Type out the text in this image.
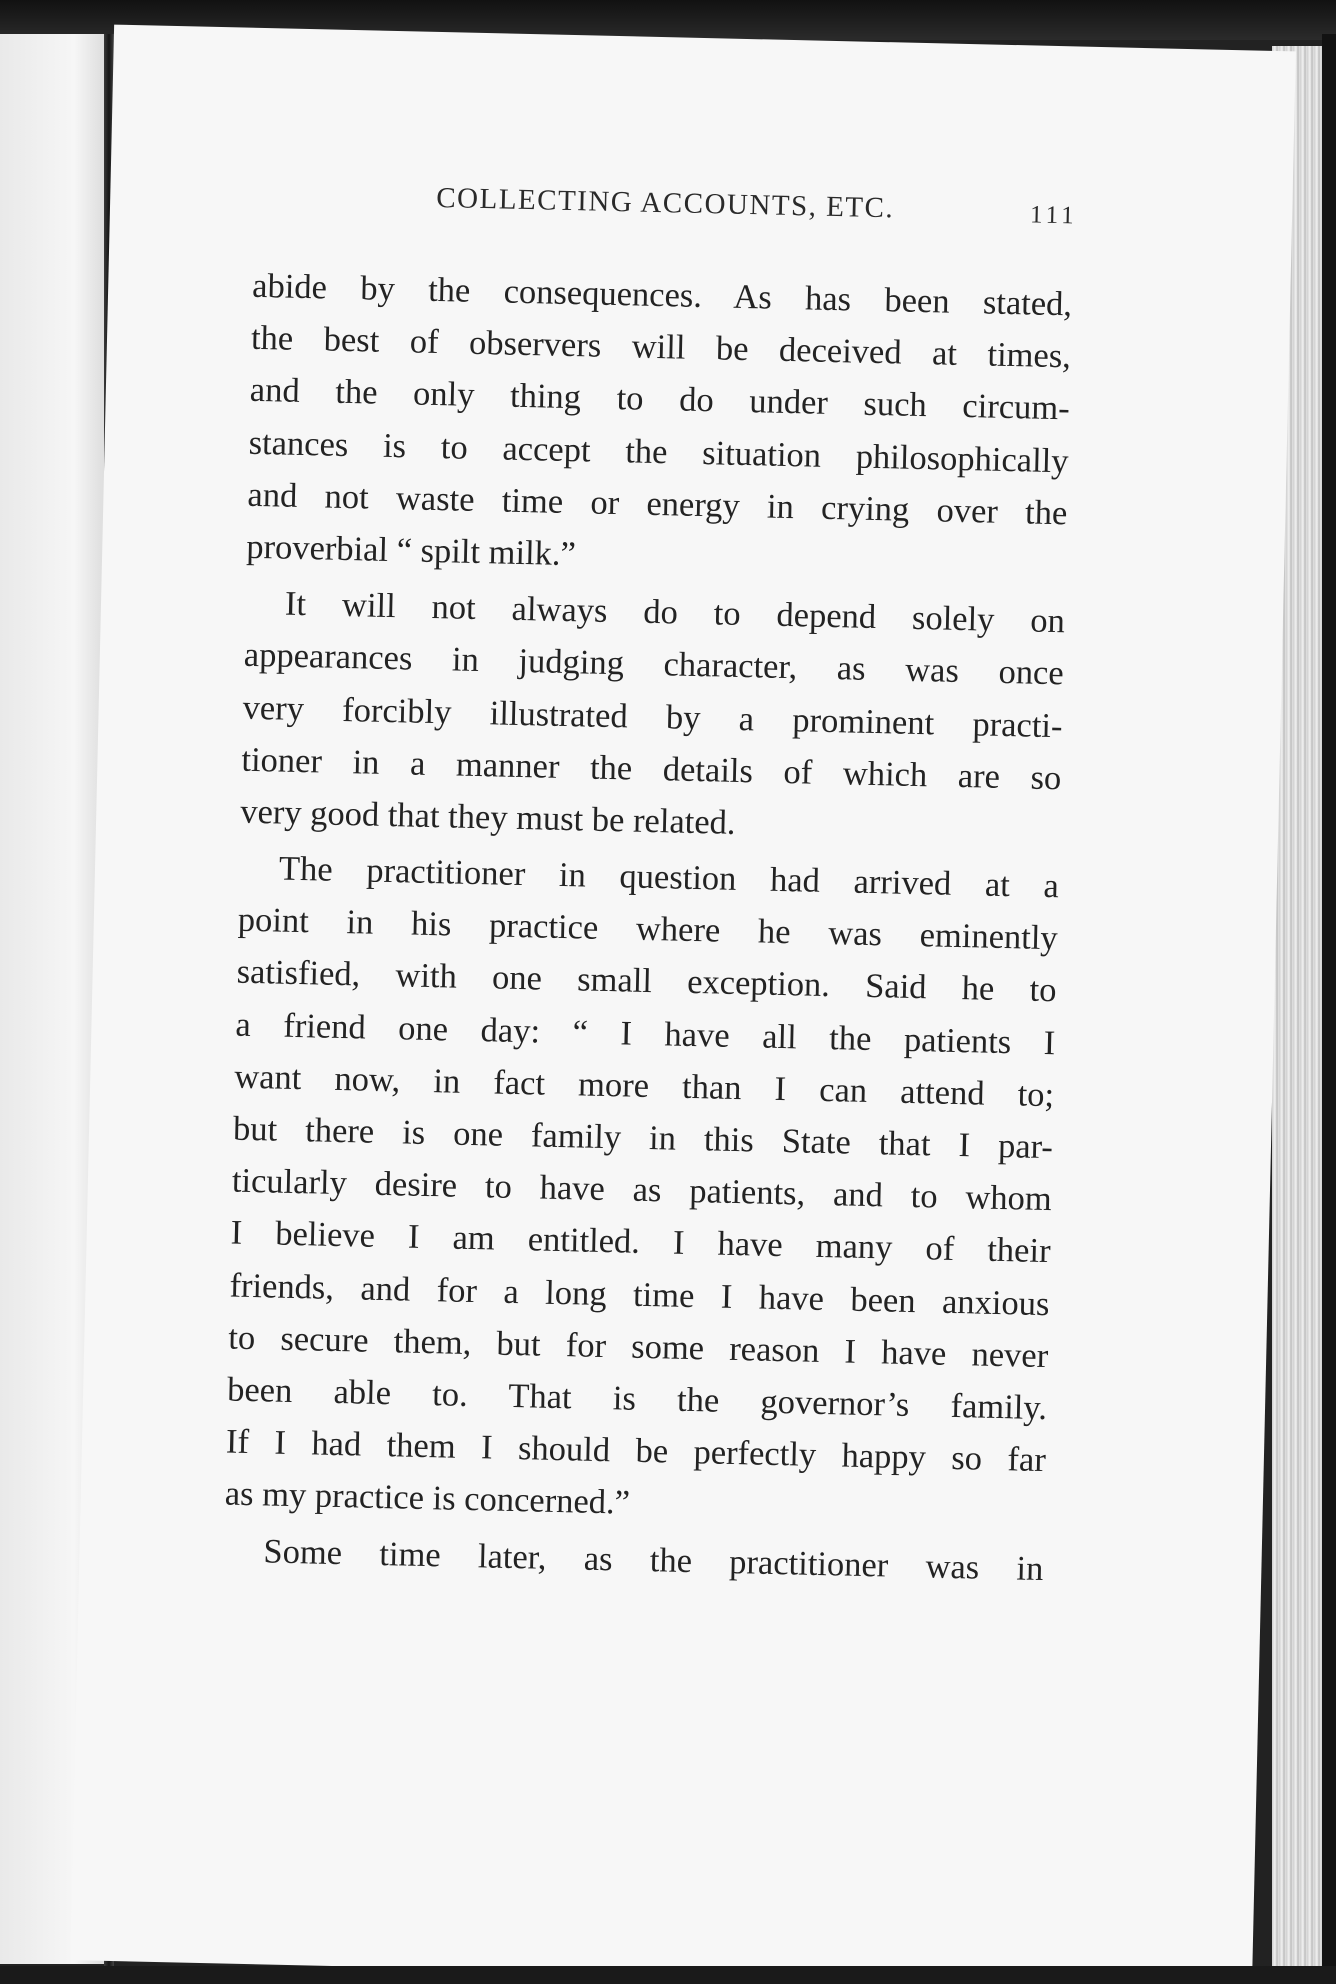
COLLECTING ACCOUNTS, ETC.	111
abide by the consequences. As has been stated,
the best of observers will be deceived at times,
and the only thing to do under such circum-
stances is to accept the situation philosophically
and not waste time or energy in crying over the
proverbial “ spilt milk.”
It will not always do to depend solely on
appearances in judging character, as was once
very forcibly illustrated by a prominent practi-
tioner in a manner the details of which are so
very good that they must be related.
The practitioner in question had arrived at a
point in his practice where he was eminently
satisfied, with one small exception. Said he to
a friend one day: “ I have all the patients I
want now, in fact more than I can attend to;
but there is one family in this State that I par-
ticularly desire to have as patients, and to whom
I believe I am entitled. I have many of their
friends, and for a long time I have been anxious
to secure them, but for some reason I have never
been able to. That is the governor’s family.
If I had them I should be perfectly happy so far
as my practice is concerned.”
Some time later, as the practitioner was in
